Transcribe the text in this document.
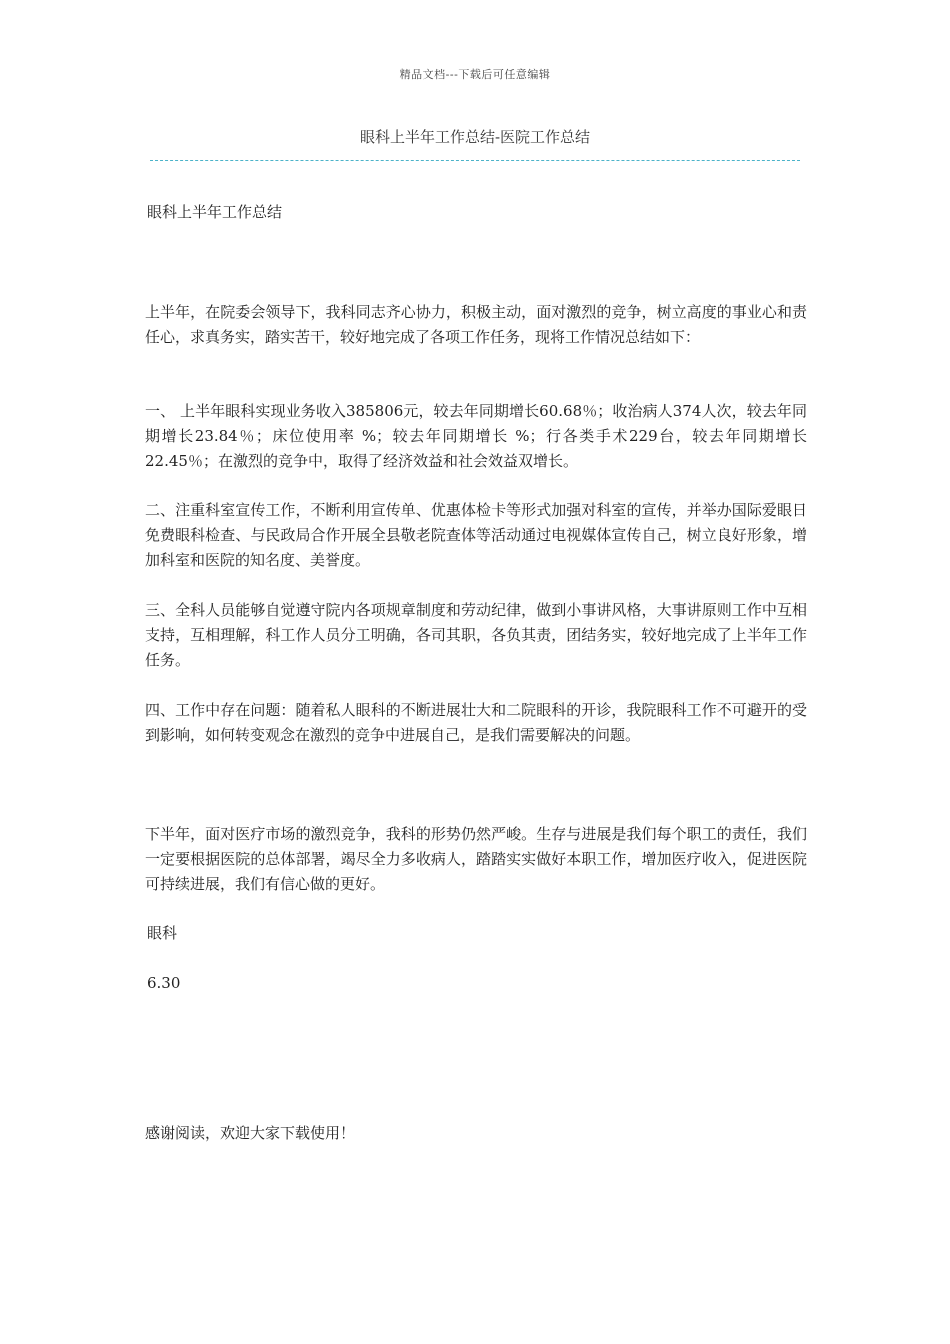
精品文档---下载后可任意编辑
眼科上半年工作总结-医院工作总结

眼科上半年工作总结

上半年，在院委会领导下，我科同志齐心协力，积极主动，面对激烈的竞争，树立高度的事业心和责任心，求真务实，踏实苦干，较好地完成了各项工作任务，现将工作情况总结如下：

一、 上半年眼科实现业务收入385806元，较去年同期增长60.68％；收治病人374人次，较去年同期增长23.84％；床位使用率 %；较去年同期增长 %；行各类手术229台，较去年同期增长22.45％；在激烈的竞争中，取得了经济效益和社会效益双增长。

二、注重科室宣传工作，不断利用宣传单、优惠体检卡等形式加强对科室的宣传，并举办国际爱眼日免费眼科检查、与民政局合作开展全县敬老院查体等活动通过电视媒体宣传自己，树立良好形象，增加科室和医院的知名度、美誉度。

三、全科人员能够自觉遵守院内各项规章制度和劳动纪律，做到小事讲风格，大事讲原则工作中互相支持，互相理解，科工作人员分工明确，各司其职，各负其责，团结务实，较好地完成了上半年工作任务。

四、工作中存在问题：随着私人眼科的不断进展壮大和二院眼科的开诊，我院眼科工作不可避开的受到影响，如何转变观念在激烈的竞争中进展自己，是我们需要解决的问题。

下半年，面对医疗市场的激烈竞争，我科的形势仍然严峻。生存与进展是我们每个职工的责任，我们一定要根据医院的总体部署，竭尽全力多收病人，踏踏实实做好本职工作，增加医疗收入，促进医院可持续进展，我们有信心做的更好。

眼科

6.30

感谢阅读，欢迎大家下载使用！
